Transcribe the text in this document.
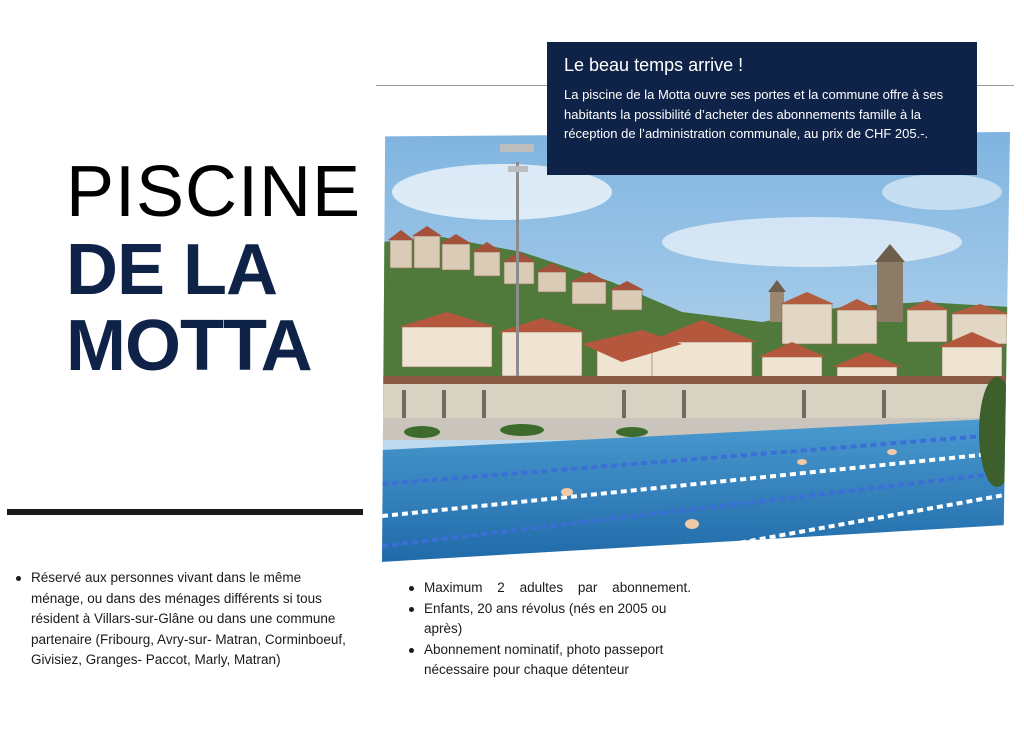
PISCINE
DE LA
MOTTA
Le beau temps arrive !

La piscine de la Motta ouvre ses portes et la commune offre à ses habitants la possibilité d’acheter des abonnements famille à la réception de l’administration communale, au prix de CHF 205.-.

Réservé aux personnes vivant dans le même ménage, ou dans des ménages différents si tous résident à Villars-sur-Glâne ou dans une commune partenaire (Fribourg, Avry-sur- Matran, Corminboeuf, Givisiez, Granges- Paccot, Marly, Matran)
Maximum 2 adultes par abonnement.
Enfants, 20 ans révolus (nés en 2005 ou après)
Abonnement nominatif, photo passeport nécessaire pour chaque détenteur
